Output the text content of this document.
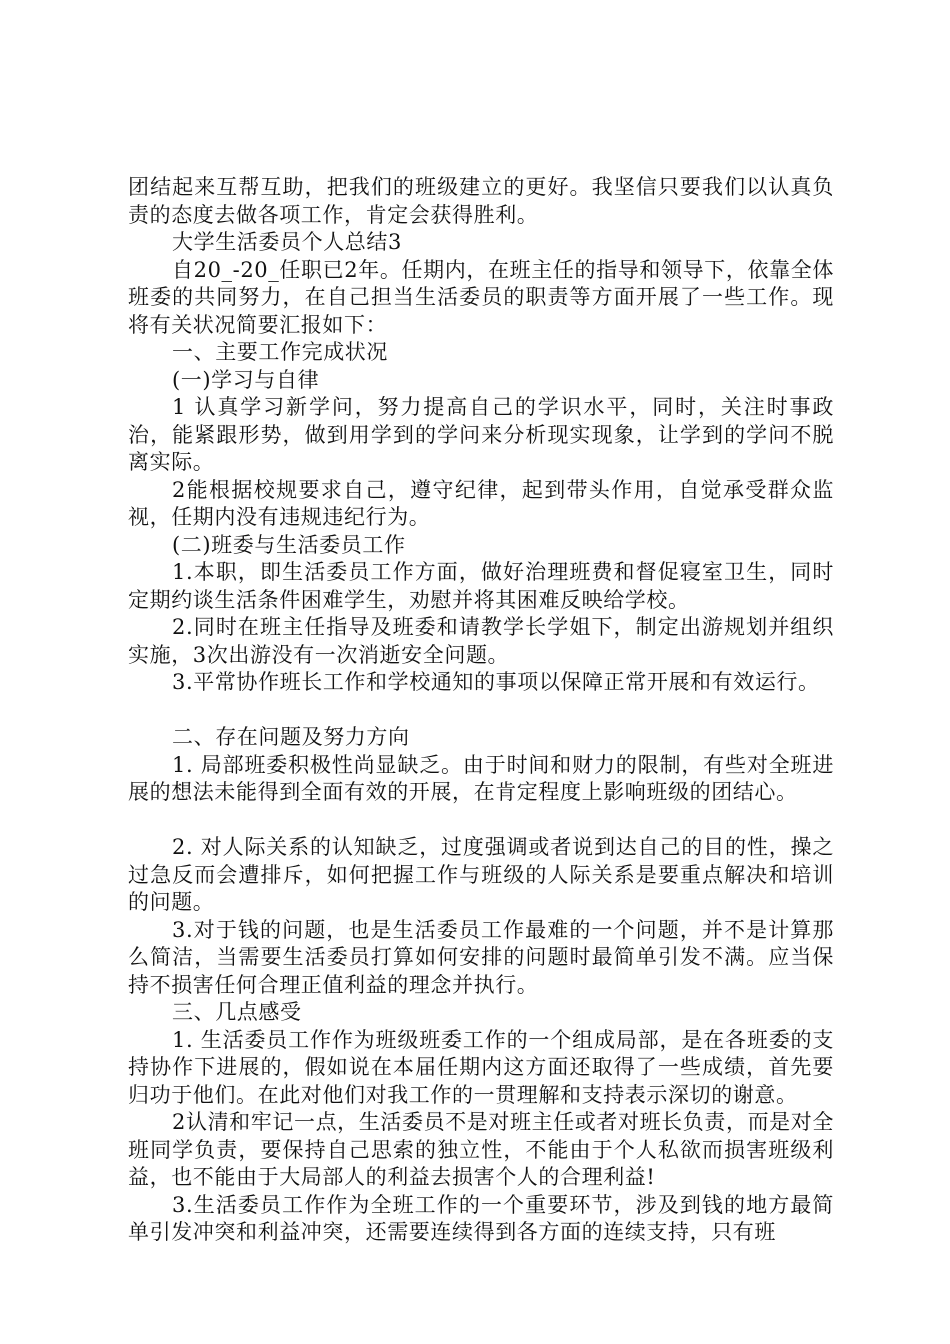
团结起来互帮互助，把我们的班级建立的更好。我坚信只要我们以认真负责的态度去做各项工作，肯定会获得胜利。

大学生活委员个人总结3

自20_-20_任职已2年。任期内，在班主任的指导和领导下，依靠全体班委的共同努力，在自己担当生活委员的职责等方面开展了一些工作。现将有关状况简要汇报如下：

一、主要工作完成状况

(一)学习与自律

1 认真学习新学问，努力提高自己的学识水平，同时，关注时事政治，能紧跟形势，做到用学到的学问来分析现实现象，让学到的学问不脱离实际。

2能根据校规要求自己，遵守纪律，起到带头作用，自觉承受群众监视，任期内没有违规违纪行为。

(二)班委与生活委员工作

1.本职，即生活委员工作方面，做好治理班费和督促寝室卫生，同时定期约谈生活条件困难学生，劝慰并将其困难反映给学校。

2.同时在班主任指导及班委和请教学长学姐下，制定出游规划并组织实施，3次出游没有一次消逝安全问题。

3.平常协作班长工作和学校通知的事项以保障正常开展和有效运行。

二、存在问题及努力方向

1. 局部班委积极性尚显缺乏。由于时间和财力的限制，有些对全班进展的想法未能得到全面有效的开展，在肯定程度上影响班级的团结心。

2. 对人际关系的认知缺乏，过度强调或者说到达自己的目的性，操之过急反而会遭排斥，如何把握工作与班级的人际关系是要重点解决和培训的问题。

3.对于钱的问题，也是生活委员工作最难的一个问题，并不是计算那么简洁，当需要生活委员打算如何安排的问题时最简单引发不满。应当保持不损害任何合理正值利益的理念并执行。

三、几点感受

1. 生活委员工作作为班级班委工作的一个组成局部，是在各班委的支持协作下进展的，假如说在本届任期内这方面还取得了一些成绩，首先要归功于他们。在此对他们对我工作的一贯理解和支持表示深切的谢意。

2认清和牢记一点，生活委员不是对班主任或者对班长负责，而是对全班同学负责，要保持自己思索的独立性，不能由于个人私欲而损害班级利益，也不能由于大局部人的利益去损害个人的合理利益!

3.生活委员工作作为全班工作的一个重要环节，涉及到钱的地方最简单引发冲突和利益冲突，还需要连续得到各方面的连续支持，只有班
